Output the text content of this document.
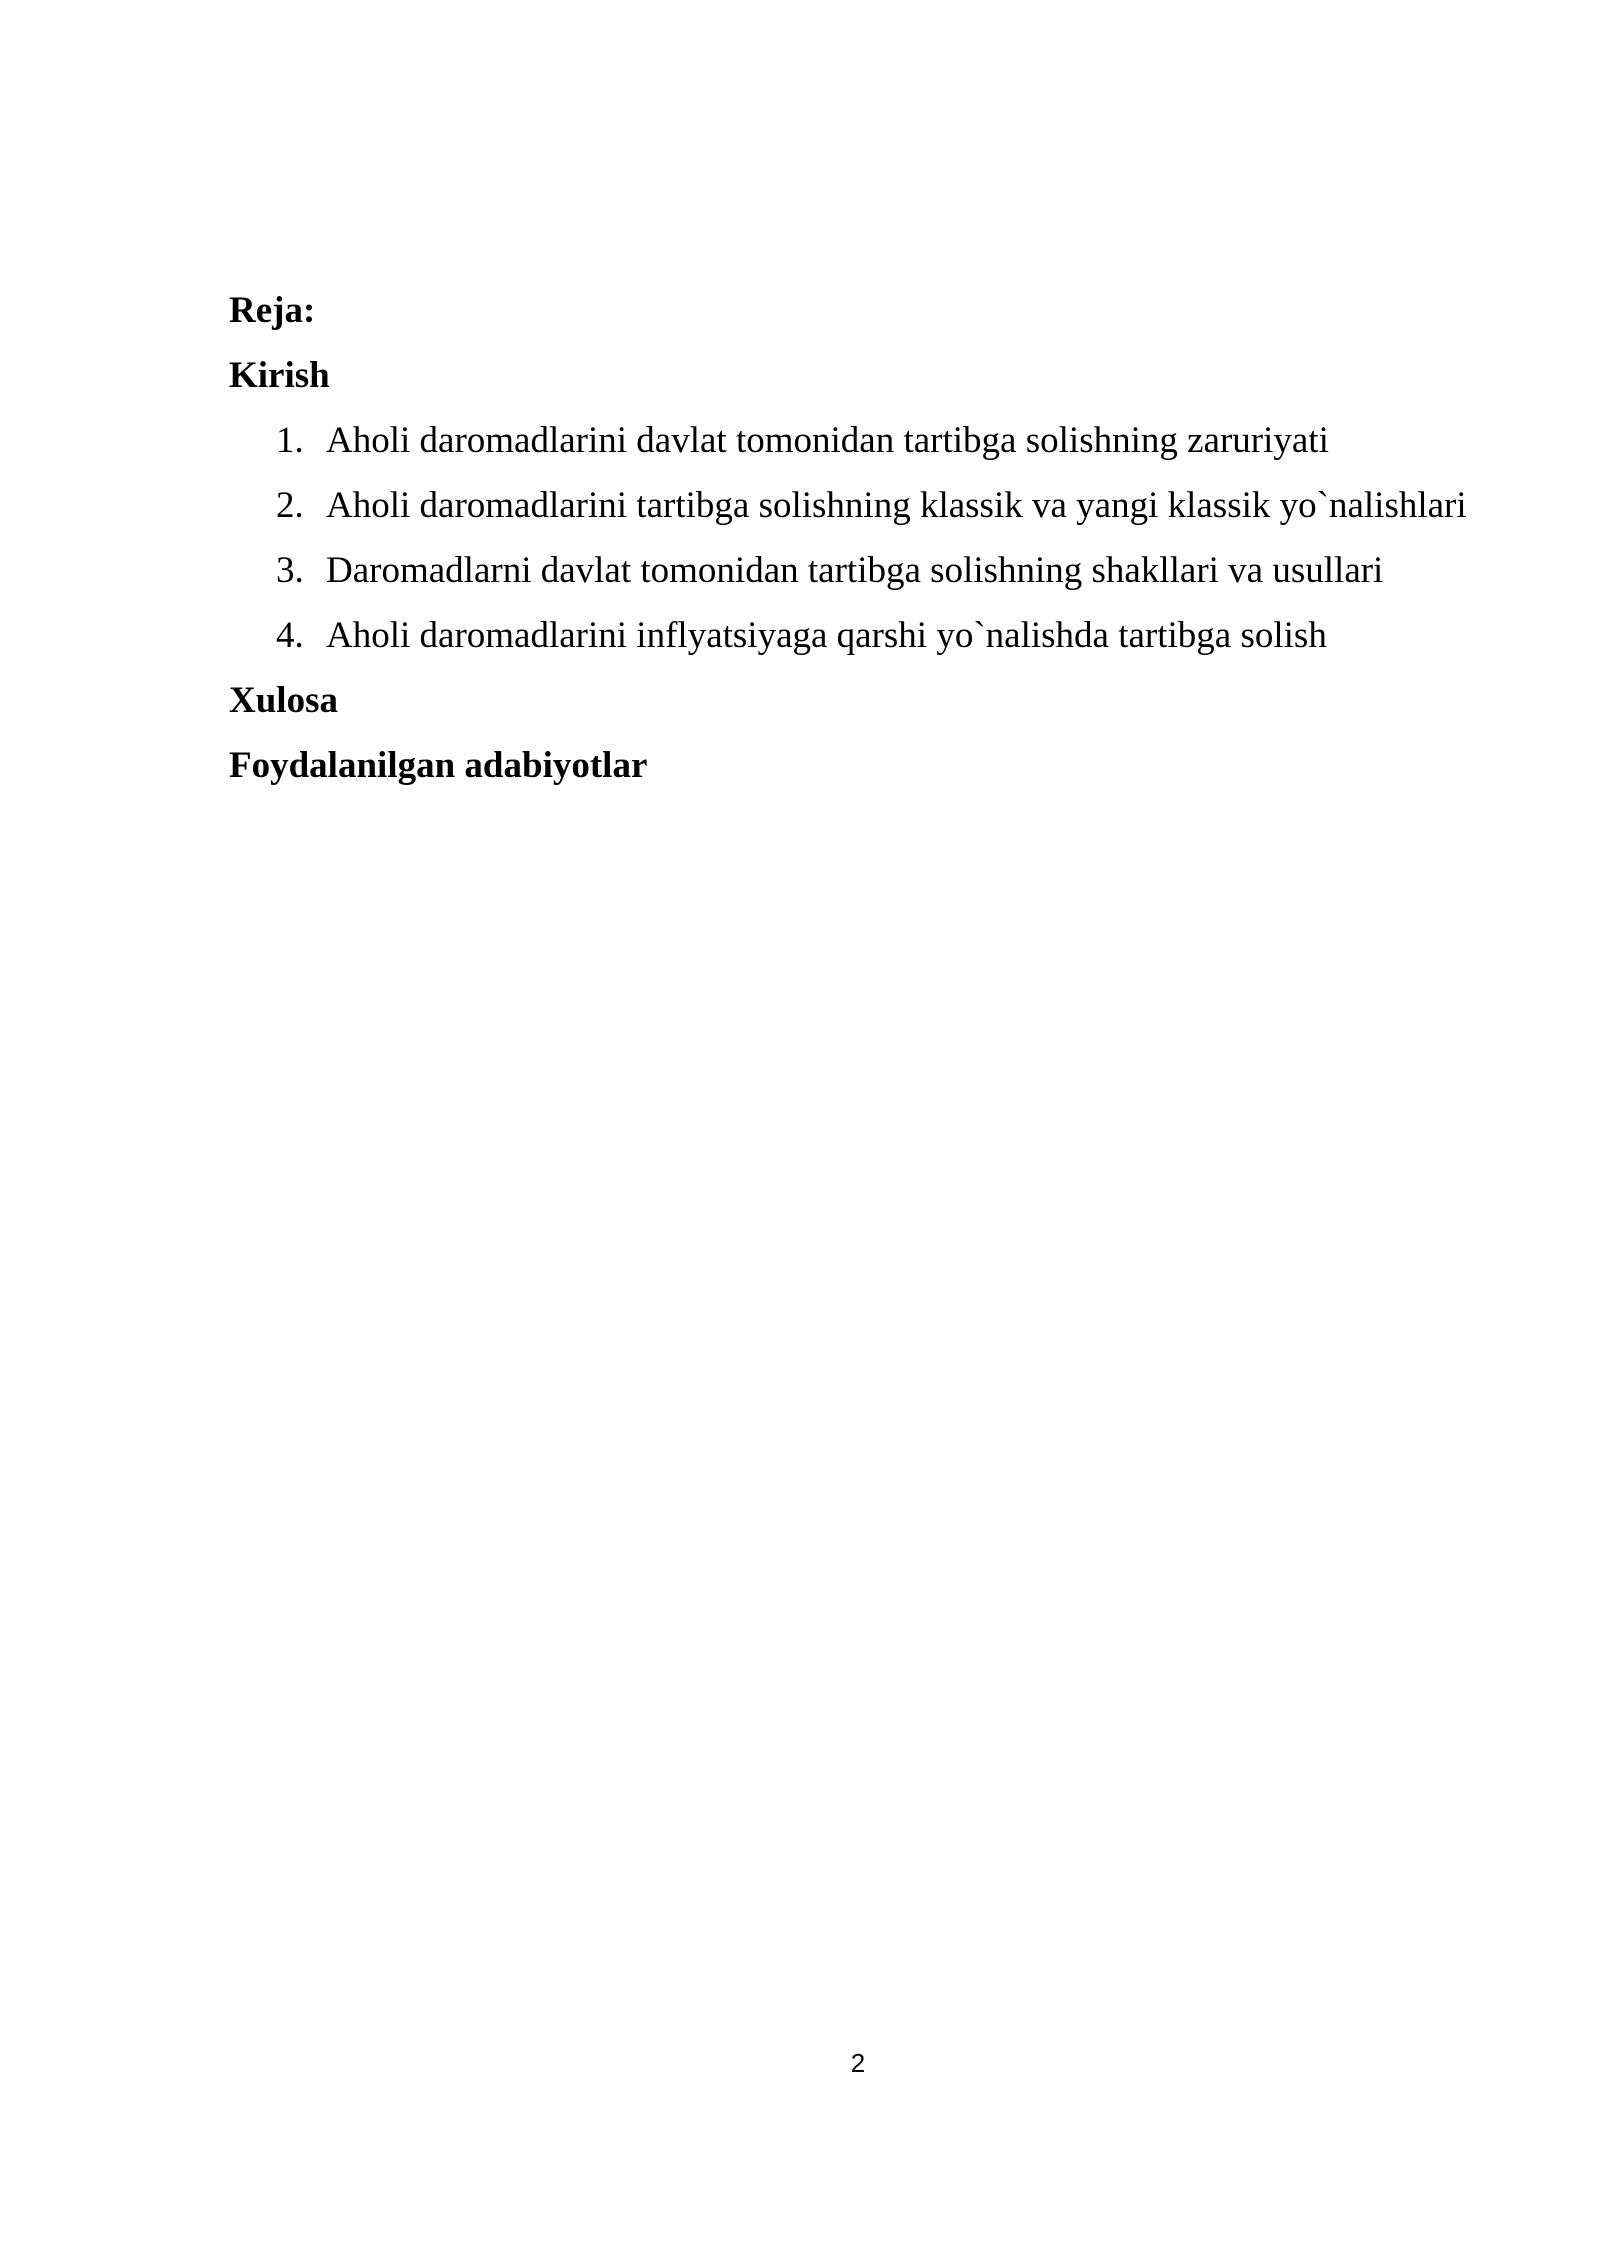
Reja:
Kirish
1. Aholi daromadlarini davlat tomonidan tartibga solishning zaruriyati
2. Aholi daromadlarini tartibga solishning klassik va yangi klassik yo`nalishlari
3. Daromadlarni davlat tomonidan tartibga solishning shakllari va usullari
4. Aholi daromadlarini inflyatsiyaga qarshi yo`nalishda tartibga solish
Xulosa
Foydalanilgan adabiyotlar
2
